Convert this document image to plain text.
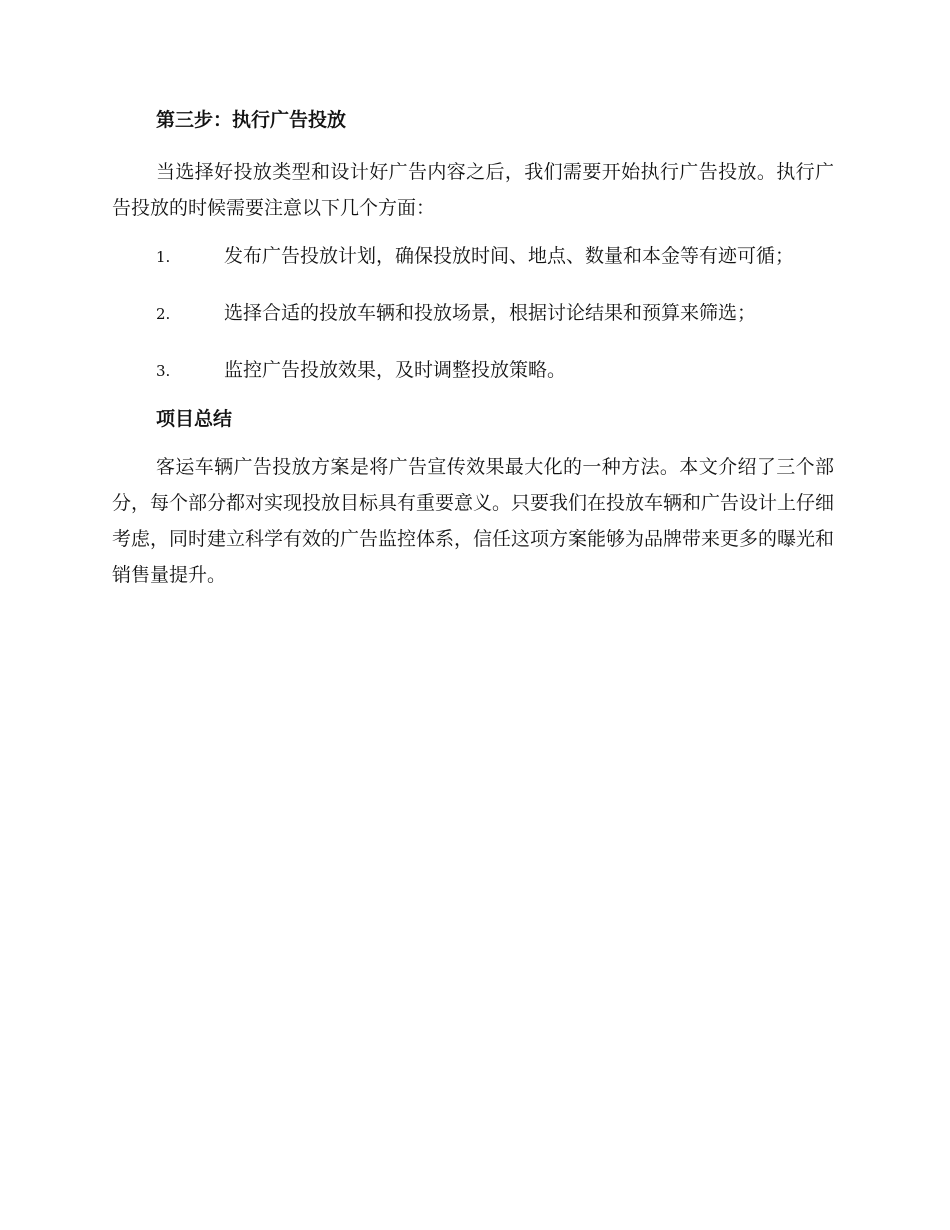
第三步：执行广告投放

当选择好投放类型和设计好广告内容之后，我们需要开始执行广告投放。执行广告投放的时候需要注意以下几个方面：

1.	发布广告投放计划，确保投放时间、地点、数量和本金等有迹可循；
2.	选择合适的投放车辆和投放场景，根据讨论结果和预算来筛选；
3.	监控广告投放效果，及时调整投放策略。
项目总结

客运车辆广告投放方案是将广告宣传效果最大化的一种方法。本文介绍了三个部分，每个部分都对实现投放目标具有重要意义。只要我们在投放车辆和广告设计上仔细考虑，同时建立科学有效的广告监控体系，信任这项方案能够为品牌带来更多的曝光和销售量提升。
